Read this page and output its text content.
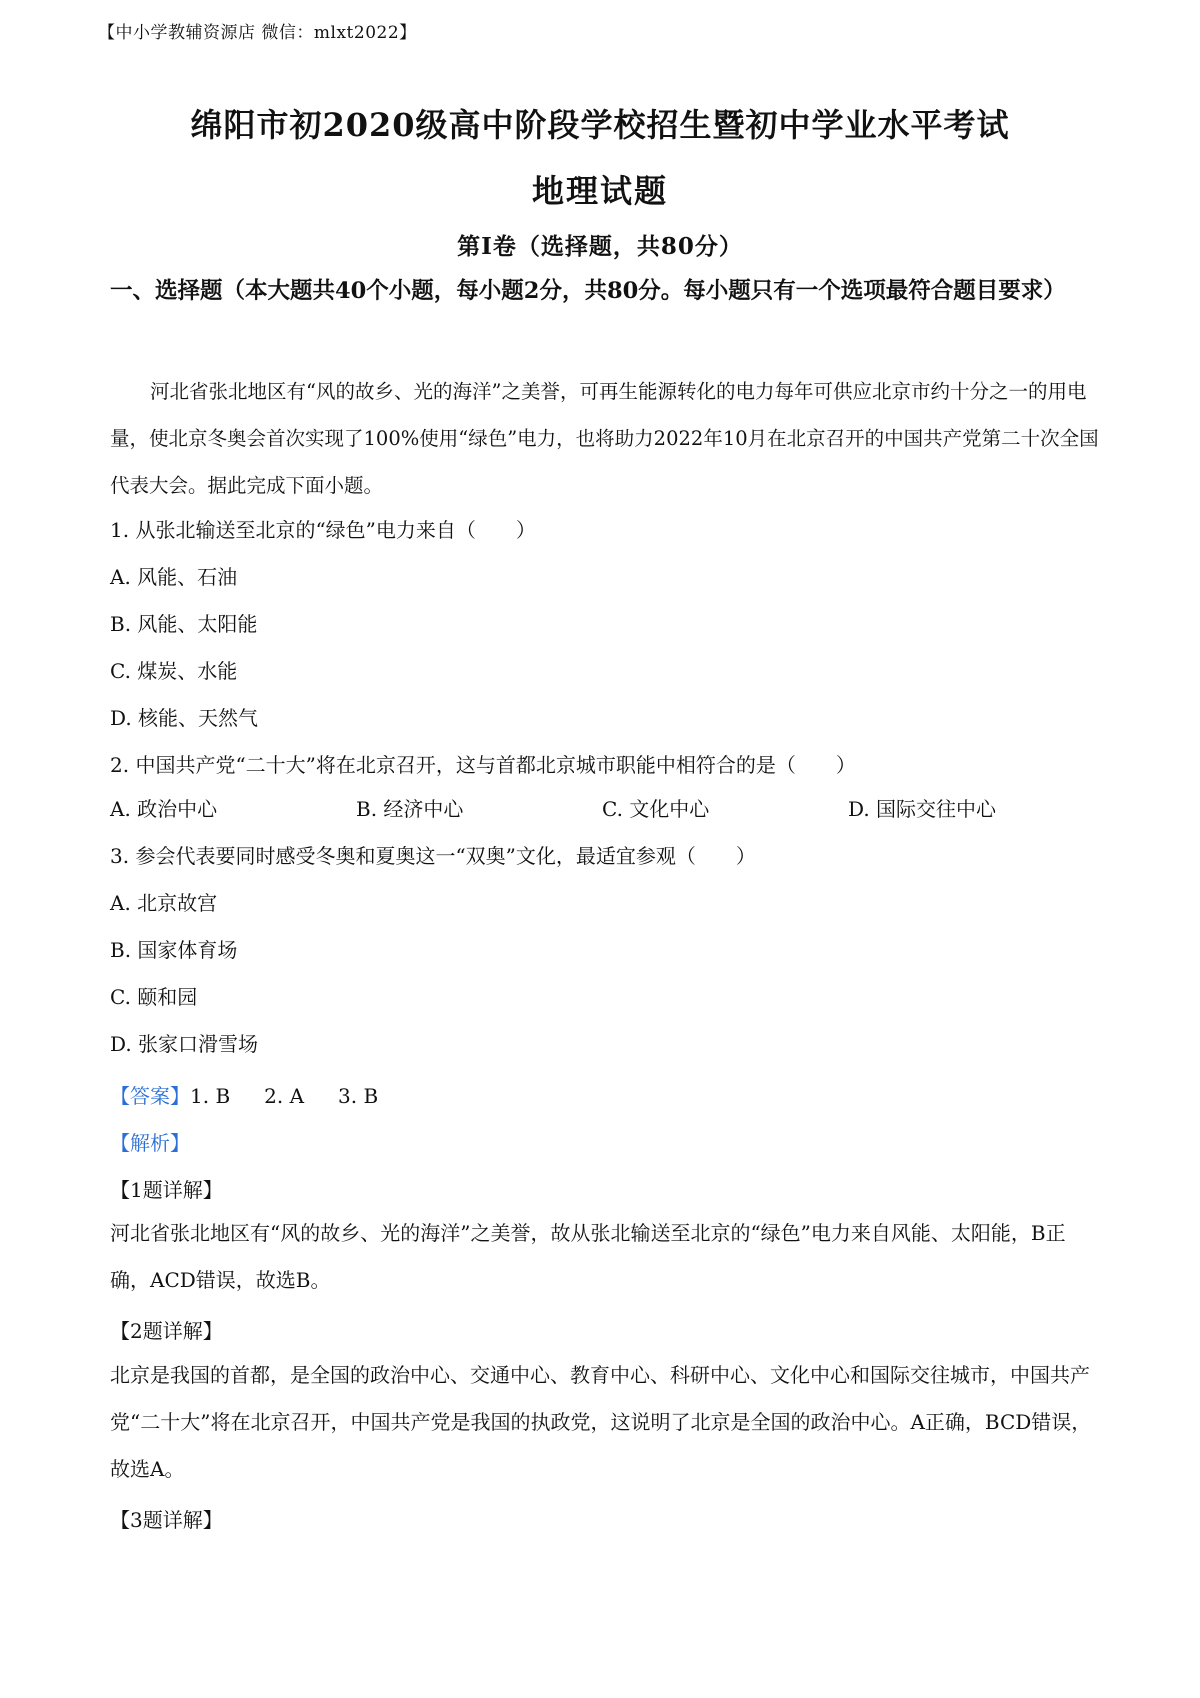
【中小学教辅资源店 微信：mlxt2022】
绵阳市初2020级高中阶段学校招生暨初中学业水平考试
地理试题
第Ⅰ卷（选择题，共80分）
一、选择题（本大题共40个小题，每小题2分，共80分。每小题只有一个选项最符合题目要求）
河北省张北地区有“风的故乡、光的海洋”之美誉，可再生能源转化的电力每年可供应北京市约十分之一的用电量，使北京冬奥会首次实现了100%使用“绿色”电力，也将助力2022年10月在北京召开的中国共产党第二十次全国代表大会。据此完成下面小题。
1. 从张北输送至北京的“绿色”电力来自（　　）
A. 风能、石油
B. 风能、太阳能
C. 煤炭、水能
D. 核能、天然气
2. 中国共产党“二十大”将在北京召开，这与首都北京城市职能中相符合的是（　　）
A. 政治中心	B. 经济中心	C. 文化中心	D. 国际交往中心
3. 参会代表要同时感受冬奥和夏奥这一“双奥”文化，最适宜参观（　　）
A. 北京故宫
B. 国家体育场
C. 颐和园
D. 张家口滑雪场
【答案】1. B 2. A 3. B
【解析】
【1题详解】
河北省张北地区有“风的故乡、光的海洋”之美誉，故从张北输送至北京的“绿色”电力来自风能、太阳能，B正确，ACD错误，故选B。
【2题详解】
北京是我国的首都，是全国的政治中心、交通中心、教育中心、科研中心、文化中心和国际交往城市，中国共产党“二十大”将在北京召开，中国共产党是我国的执政党，这说明了北京是全国的政治中心。A正确，BCD错误，故选A。
【3题详解】
